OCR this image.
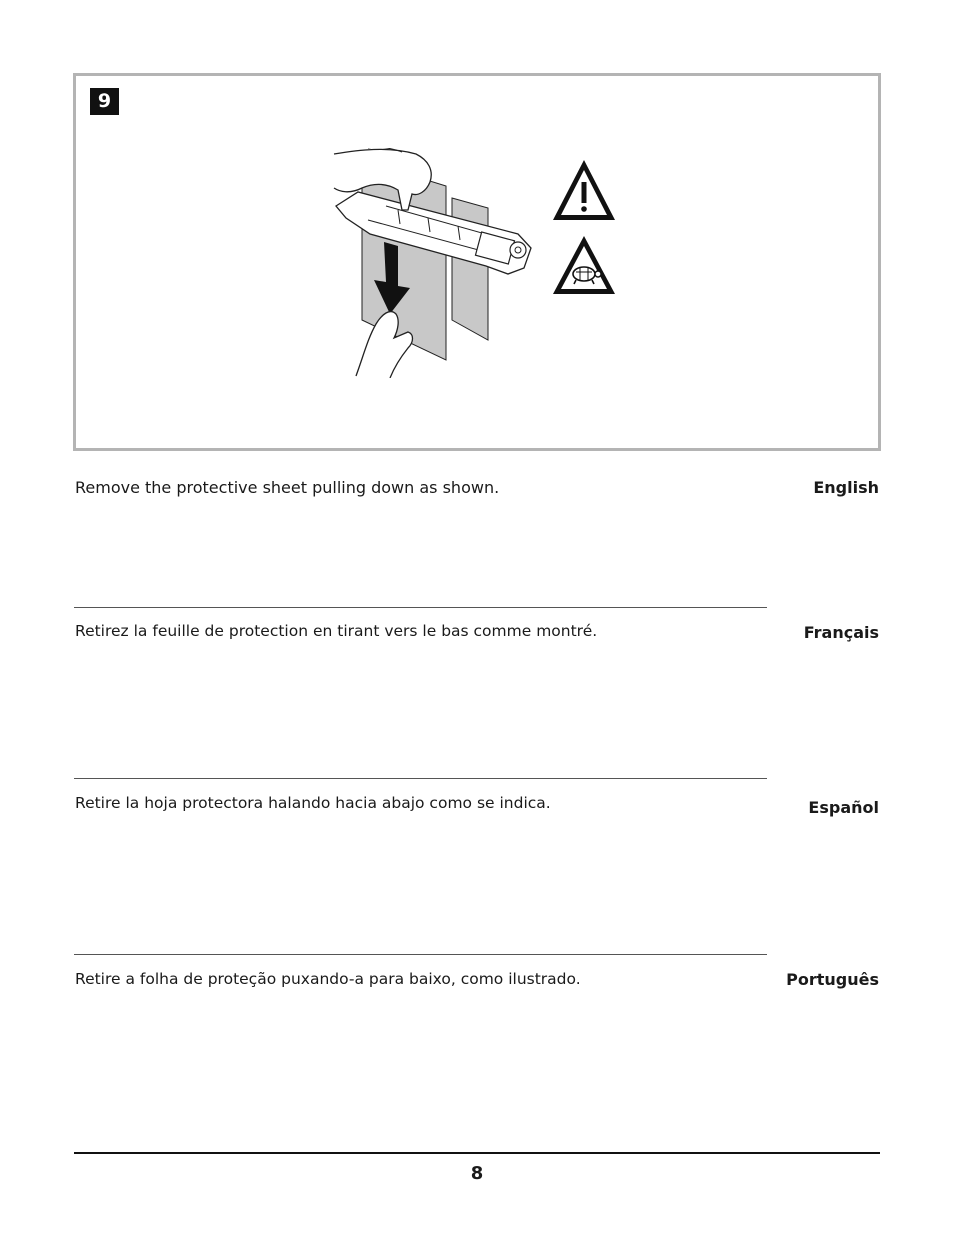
9
Remove the protective sheet pulling down as shown.	English
Retirez la feuille de protection en tirant vers le bas comme montré.	Français
Retire la hoja protectora halando hacia abajo como se indica.	Español
Retire a folha de proteção puxando-a para baixo, como ilustrado.	Português
8
